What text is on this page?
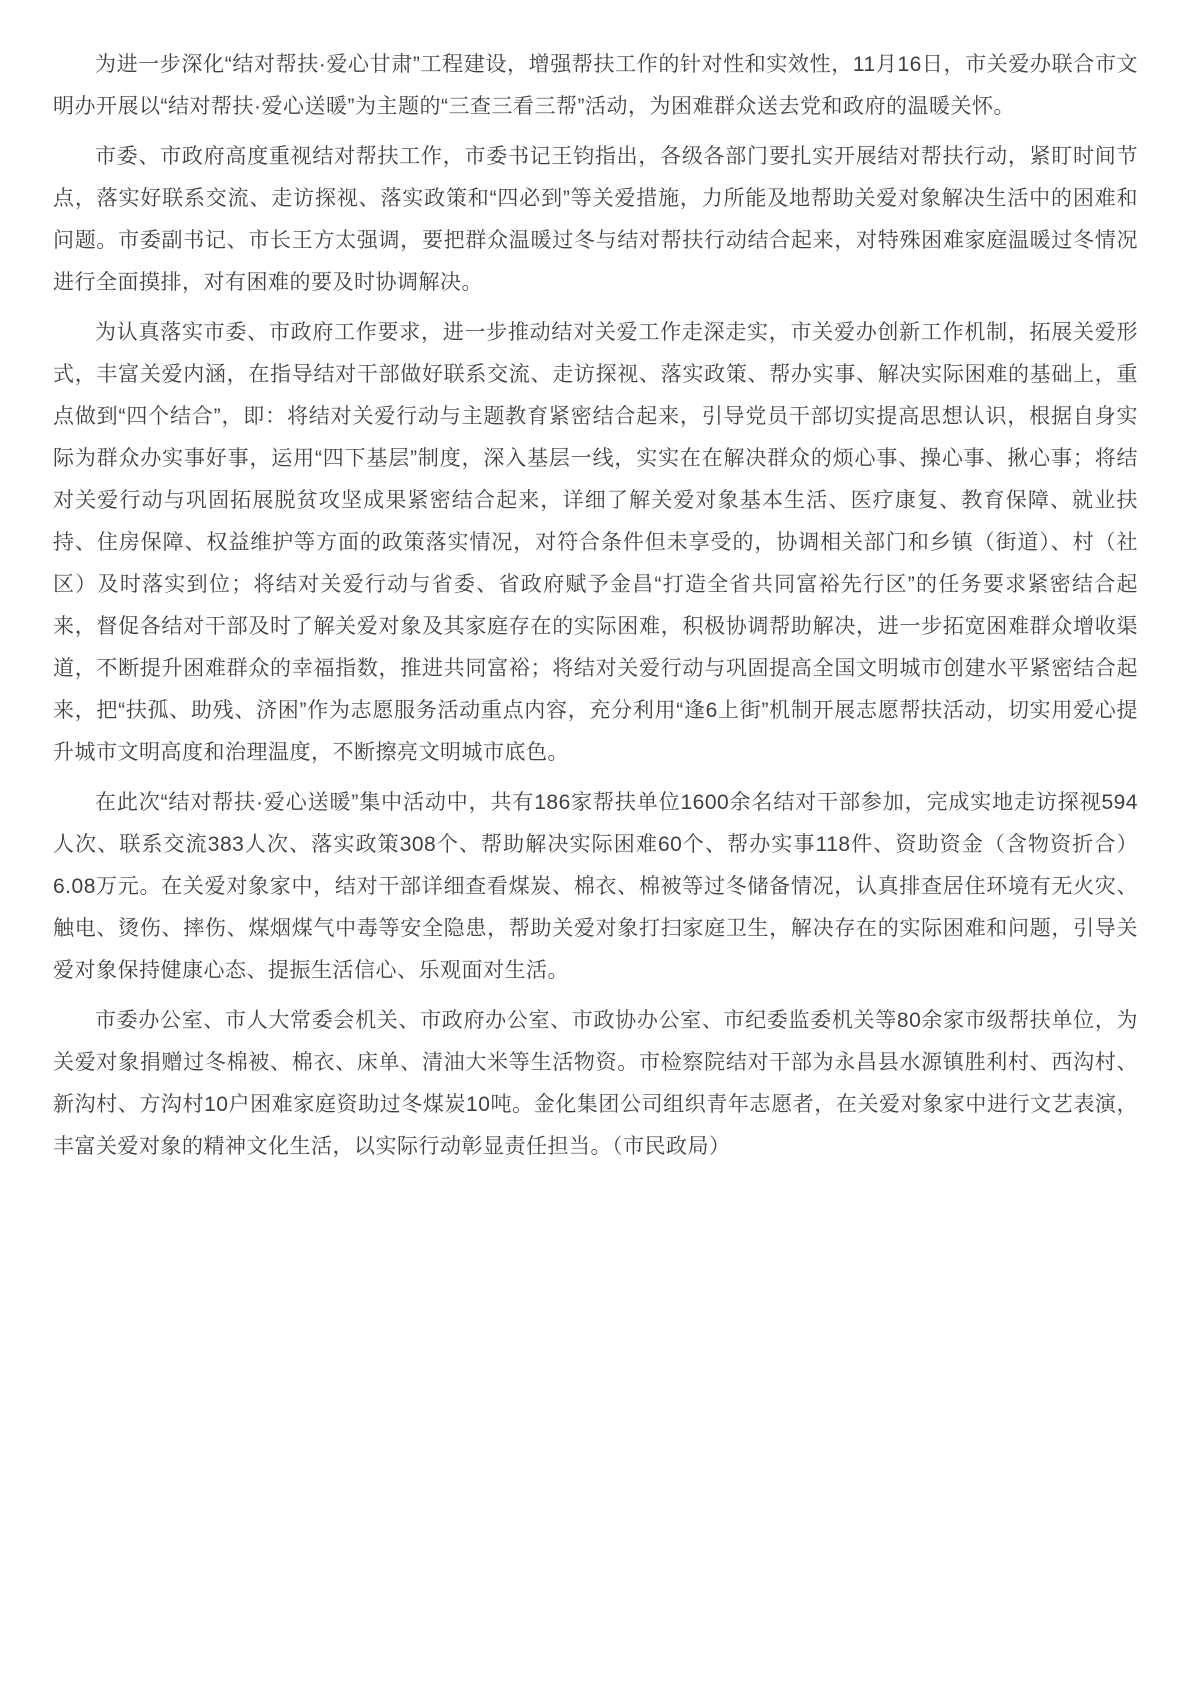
为进一步深化“结对帮扶·爱心甘肃”工程建设，增强帮扶工作的针对性和实效性，11月16日，市关爱办联合市文明办开展以“结对帮扶·爱心送暖”为主题的“三查三看三帮”活动，为困难群众送去党和政府的温暖关怀。

市委、市政府高度重视结对帮扶工作，市委书记王钧指出，各级各部门要扎实开展结对帮扶行动，紧盯时间节点，落实好联系交流、走访探视、落实政策和“四必到”等关爱措施，力所能及地帮助关爱对象解决生活中的困难和问题。市委副书记、市长王方太强调，要把群众温暖过冬与结对帮扶行动结合起来，对特殊困难家庭温暖过冬情况进行全面摸排，对有困难的要及时协调解决。

为认真落实市委、市政府工作要求，进一步推动结对关爱工作走深走实，市关爱办创新工作机制，拓展关爱形式，丰富关爱内涵，在指导结对干部做好联系交流、走访探视、落实政策、帮办实事、解决实际困难的基础上，重点做到“四个结合”，即：将结对关爱行动与主题教育紧密结合起来，引导党员干部切实提高思想认识，根据自身实际为群众办实事好事，运用“四下基层”制度，深入基层一线，实实在在解决群众的烦心事、操心事、揪心事；将结对关爱行动与巩固拓展脱贫攻坚成果紧密结合起来，详细了解关爱对象基本生活、医疗康复、教育保障、就业扶持、住房保障、权益维护等方面的政策落实情况，对符合条件但未享受的，协调相关部门和乡镇（街道）、村（社区）及时落实到位；将结对关爱行动与省委、省政府赋予金昌“打造全省共同富裕先行区”的任务要求紧密结合起来，督促各结对干部及时了解关爱对象及其家庭存在的实际困难，积极协调帮助解决，进一步拓宽困难群众增收渠道，不断提升困难群众的幸福指数，推进共同富裕；将结对关爱行动与巩固提高全国文明城市创建水平紧密结合起来，把“扶孤、助残、济困”作为志愿服务活动重点内容，充分利用“逢6上街”机制开展志愿帮扶活动，切实用爱心提升城市文明高度和治理温度，不断擦亮文明城市底色。

在此次“结对帮扶·爱心送暖”集中活动中，共有186家帮扶单位1600余名结对干部参加，完成实地走访探视594人次、联系交流383人次、落实政策308个、帮助解决实际困难60个、帮办实事118件、资助资金（含物资折合）6.08万元。在关爱对象家中，结对干部详细查看煤炭、棉衣、棉被等过冬储备情况，认真排查居住环境有无火灾、触电、烫伤、摔伤、煤烟煤气中毒等安全隐患，帮助关爱对象打扫家庭卫生，解决存在的实际困难和问题，引导关爱对象保持健康心态、提振生活信心、乐观面对生活。

市委办公室、市人大常委会机关、市政府办公室、市政协办公室、市纪委监委机关等80余家市级帮扶单位，为关爱对象捐赠过冬棉被、棉衣、床单、清油大米等生活物资。市检察院结对干部为永昌县水源镇胜利村、西沟村、新沟村、方沟村10户困难家庭资助过冬煤炭10吨。金化集团公司组织青年志愿者，在关爱对象家中进行文艺表演，丰富关爱对象的精神文化生活，以实际行动彰显责任担当。（市民政局）
